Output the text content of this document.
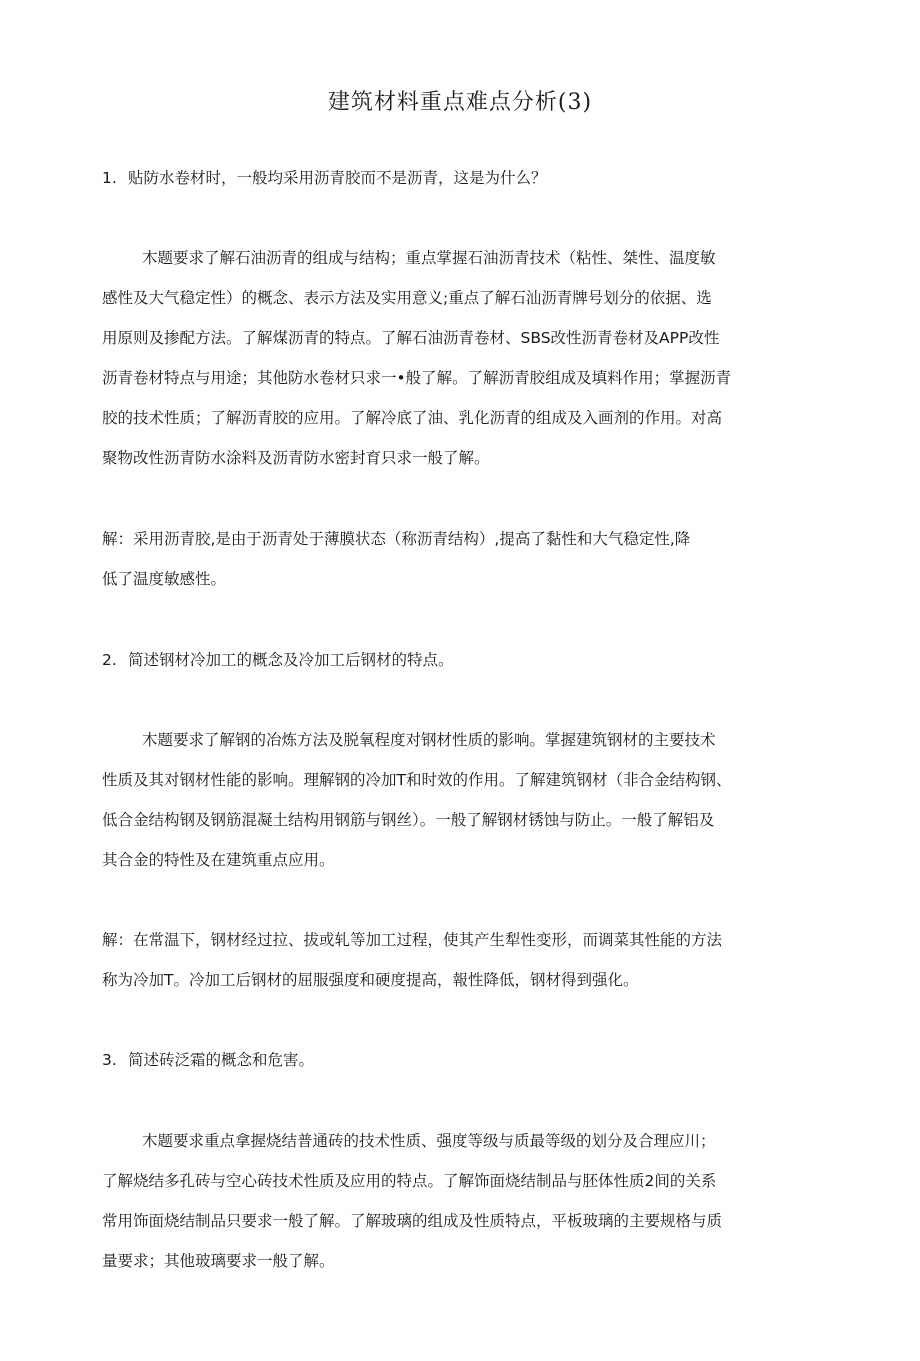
建筑材料重点难点分析(3)
1. 贴防水卷材时，一般均采用沥青胶而不是沥青，这是为什么？
木题要求了解石油沥青的组成与结构；重点掌握石油沥青技术（粘性、桀性、温度敏
感性及大气稳定性）的概念、表示方法及实用意义;重点了解石汕沥青牌号划分的依据、选
用原则及掺配方法。了解煤沥青的特点。了解石油沥青卷材、SBS改性沥青卷材及APP改性
沥青卷材特点与用途；其他防水卷材只求一•般了解。了解沥青胶组成及填料作用；掌握沥青
胶的技术性质；了解沥青胶的应用。了解冷底了油、乳化沥青的组成及入画剂的作用。对高
聚物改性沥青防水涂料及沥青防水密封育只求一般了解。
解：采用沥青胶,是由于沥青处于薄膜状态（称沥青结构）,提高了黏性和大气稳定性,降
低了温度敏感性。
2. 简述钢材冷加工的概念及冷加工后钢材的特点。
木题要求了解钢的冶炼方法及脱氧程度对钢材性质的影响。掌握建筑钢材的主要技术
性质及其对钢材性能的影响。理解钢的冷加T和时效的作用。了解建筑钢材（非合金结构钢、
低合金结构钢及钢筋混凝土结构用钢筋与钢丝）。一般了解钢材锈蚀与防止。一般了解铝及
其合金的特性及在建筑重点应用。
解：在常温下，钢材经过拉、拔或轧等加工过程，使其产生犁性变形，而调菜其性能的方法
称为冷加T。冷加工后钢材的屈服强度和硬度提高，報性降低，钢材得到强化。
3. 简述砖泛霜的概念和危害。
木题要求重点拿握烧结普通砖的技术性质、强度等级与质最等级的划分及合理应川；
了解烧结多孔砖与空心砖技术性质及应用的特点。了解饰面烧结制品与胚体性质2间的关系
常用饰面烧结制品只要求一般了解。了解玻璃的组成及性质特点，平板玻璃的主要规格与质
量要求；其他玻璃要求一般了解。
